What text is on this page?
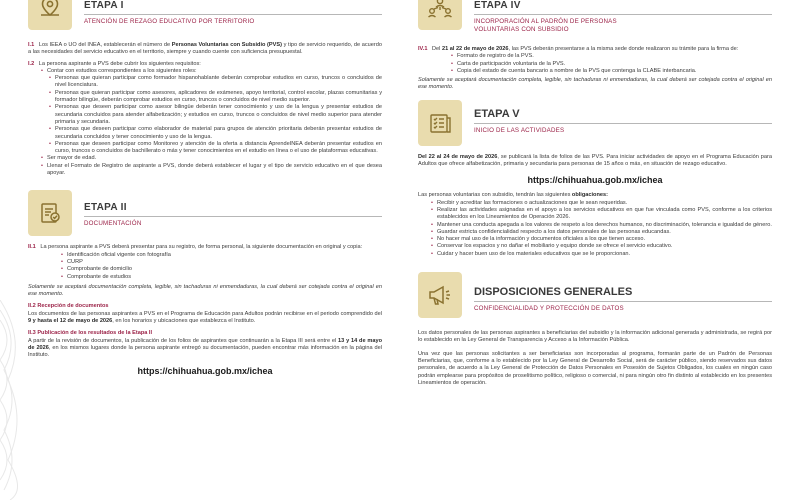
ETAPA I
ATENCIÓN DE REZAGO EDUCATIVO POR TERRITORIO
I.1 Los IEEA o UO del INEA, establecerán el número de Personas Voluntarias con Subsidio (PVS) y tipo de servicio requerido, de acuerdo a las necesidades del servicio educativo en el territorio, siempre y cuando cuente con suficiencia presupuestal.
I.2 La persona aspirante a PVS debe cubrir los siguientes requisitos:
• Contar con estudios correspondientes a los siguientes roles:
• Personas que quieran participar como formador hispanohablante deberán comprobar estudios en curso, truncos o concluidos de nivel licenciatura.
• Personas que quieran participar como asesores, aplicadores de exámenes, apoyo territorial, control escolar, plazas comunitarias y formador bilingüe, deberán comprobar estudios en curso, truncos o concluidos de nivel medio superior.
• Personas que deseen participar como asesor bilingüe deberán tener conocimiento y uso de la lengua y presentar estudios de secundaria concluidos para atender alfabetización; y estudios en curso, truncos o concluidos de nivel medio superior para atender primaria y secundaria.
• Personas que deseen participar como elaborador de material para grupos de atención prioritaria deberán presentar estudios de secundaria concluidos y tener conocimiento y uso de la lengua.
• Personas que deseen participar como Monitoreo y atención de la oferta a distancia AprendeINEA deberán presentar estudios en curso, truncos o concluidos de bachillerato o más y tener conocimientos en el estudio en línea o el uso de plataformas educativas.
• Ser mayor de edad.
• Llenar el Formato de Registro de aspirante a PVS, donde deberá establecer el lugar y el tipo de servicio educativo en el que desea apoyar.
ETAPA II
DOCUMENTACIÓN
II.1 La persona aspirante a PVS deberá presentar para su registro, de forma personal, la siguiente documentación en original y copia:
• Identificación oficial vigente con fotografía
• CURP
• Comprobante de domicilio
• Comprobante de estudios
Solamente se aceptará documentación completa, legible, sin tachaduras ni enmendaduras, la cual deberá ser cotejada contra el original en ese momento.
II.2 Recepción de documentos
Los documentos de las personas aspirantes a PVS en el Programa de Educación para Adultos podrán recibirse en el periodo comprendido del 9 y hasta el 12 de mayo de 2026, en los horarios y ubicaciones que establezca el Instituto.
II.3 Publicación de los resultados de la Etapa II
A partir de la revisión de documentos, la publicación de los folios de aspirantes que continuarán a la Etapa III será entre el 13 y 14 de mayo de 2026, en los mismos lugares donde la persona aspirante entregó su documentación, pueden encontrar más información en la página del Instituto.
https://chihuahua.gob.mx/ichea
ETAPA IV
INCORPORACIÓN AL PADRÓN DE PERSONAS
VOLUNTARIAS CON SUBSIDIO
IV.1 Del 21 al 22 de mayo de 2026, las PVS deberán presentarse a la misma sede donde realizaron su trámite para la firma de:
• Formato de registro de la PVS.
• Carta de participación voluntaria de la PVS.
• Copia del estado de cuenta bancario a nombre de la PVS que contenga la CLABE interbancaria.
Solamente se aceptará documentación completa, legible, sin tachaduras ni enmendaduras, la cual deberá ser cotejada contra el original en ese momento.
ETAPA V
INICIO DE LAS ACTIVIDADES
Del 22 al 24 de mayo de 2026, se publicará la lista de folios de las PVS. Para iniciar actividades de apoyo en el Programa Educación para Adultos que ofrece alfabetización, primaria y secundaria para personas de 15 años o más, en situación de rezago educativo.
https://chihuahua.gob.mx/ichea
Las personas voluntarias con subsidio, tendrán las siguientes obligaciones:
• Recibir y acreditar las formaciones o actualizaciones que le sean requeridas.
• Realizar las actividades asignadas en el apoyo a los servicios educativos en que fue vinculada como PVS, conforme a los criterios establecidos en los Lineamientos de Operación 2026.
• Mantener una conducta apegada a los valores de respeto a los derechos humanos, no discriminación, tolerancia e igualdad de género.
• Guardar estricta confidencialidad respecto a los datos personales de las personas educandas.
• No hacer mal uso de la información y documentos oficiales a los que tienen acceso.
• Conservar los espacios y no dañar el mobiliario y equipo donde se ofrece el servicio educativo.
• Cuidar y hacer buen uso de los materiales educativos que se le proporcionan.
DISPOSICIONES GENERALES
CONFIDENCIALIDAD Y PROTECCIÓN DE DATOS
Los datos personales de las personas aspirantes a beneficiarias del subsidio y la información adicional generada y administrada, se regirá por lo establecido en la Ley General de Transparencia y Acceso a la Información Pública.
Una vez que las personas solicitantes a ser beneficiarias son incorporadas al programa, formarán parte de un Padrón de Personas Beneficiarias, que, conforme a lo establecido por la Ley General de Desarrollo Social, será de carácter público, siendo reservados sus datos personales, de acuerdo a la Ley General de Protección de Datos Personales en Posesión de Sujetos Obligados, los cuales en ningún caso podrán emplearse para propósitos de proselitismo político, religioso o comercial, ni para ningún otro fin distinto al establecido en los presentes Lineamientos de operación.
